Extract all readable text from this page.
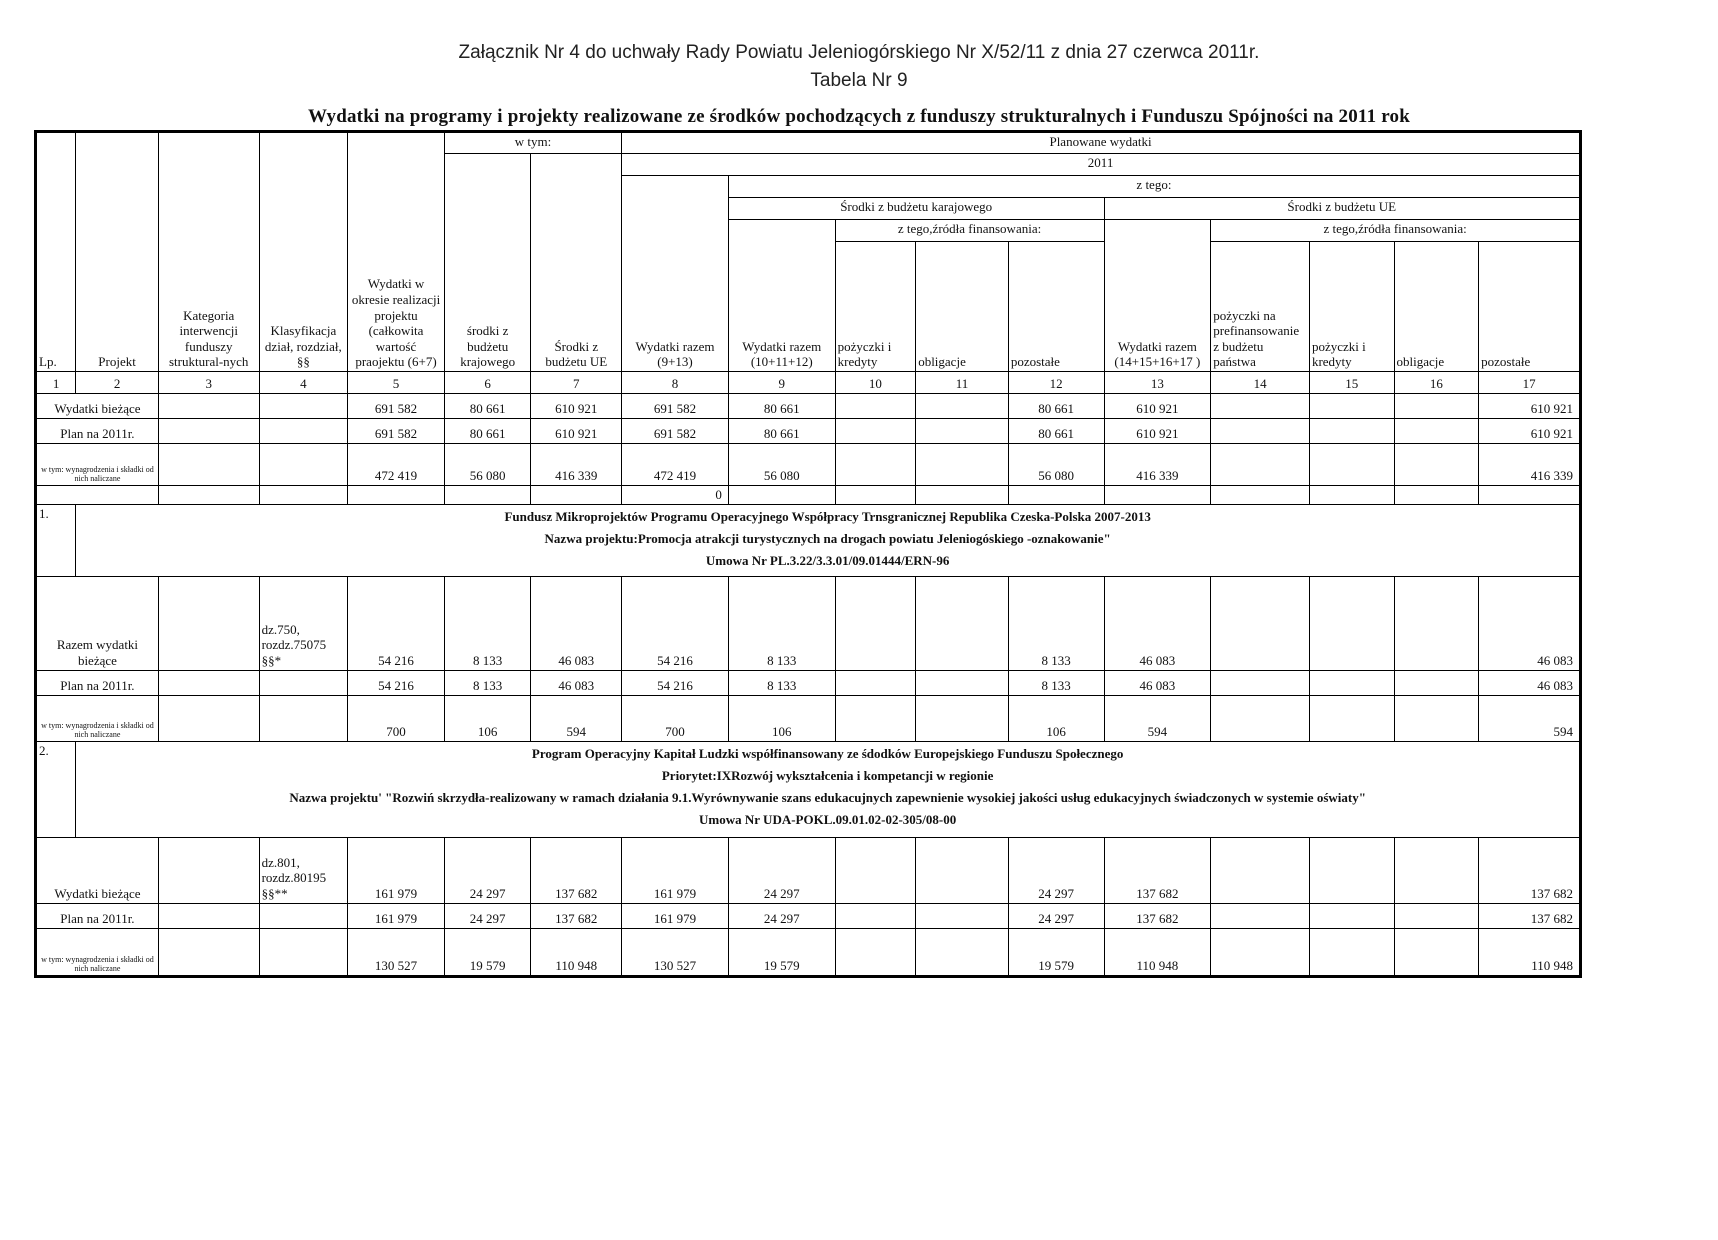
Załącznik Nr 4 do uchwały Rady Powiatu Jeleniogórskiego Nr X/52/11 z dnia 27 czerwca 2011r.
Tabela Nr 9
Wydatki na programy i projekty realizowane ze środków pochodzących z funduszy strukturalnych i Funduszu Spójności na 2011 rok
Lp.	Projekt	Kategoria interwencji funduszy struktural-nych	Klasyfikacja dział, rozdział, §§	Wydatki w okresie realizacji projektu (całkowita wartość praojektu (6+7)	w tym:		Planowane wydatki									
					środki z budżetu krajowego	Środki z budżetu UE	2011									
							Wydatki razem (9+13)	z tego:								
								Środki z budżetu karajowego				Środki z budżetu UE				
								Wydatki razem (10+11+12)	z tego,źródła finansowania:			Wydatki razem (14+15+16+17 )	z tego,źródła finansowania:			
									pożyczki i kredyty	obligacje	pozostałe		pożyczki na prefinansowanie z budżetu państwa	pożyczki i kredyty	obligacje	pozostałe

1	2	3	4	5	6	7	8	9	10	11	12	13	14	15	16	17
Wydatki bieżące				691 582	80 661	610 921	691 582	80 661			80 661	610 921				610 921
Plan na 2011r.				691 582	80 661	610 921	691 582	80 661			80 661	610 921				610 921
w tym: wynagrodzenia i składki od nich naliczane				472 419	56 080	416 339	472 419	56 080			56 080	416 339				416 339
							0									
1.	Fundusz Mikroprojektów Programu Operacyjnego Współpracy Trnsgranicznej Republika Czeska-Polska 2007-2013
Nazwa projektu:Promocja atrakcji turystycznych na drogach powiatu Jeleniogóskiego -oznakowanie"
Umowa Nr PL.3.22/3.3.01/09.01444/ERN-96															

Razem wydatki bieżące			dz.750, rozdz.75075 §§*	54 216	8 133	46 083	54 216	8 133			8 133	46 083				46 083
Plan na 2011r.				54 216	8 133	46 083	54 216	8 133			8 133	46 083				46 083
w tym: wynagrodzenia i składki od nich naliczane				700	106	594	700	106			106	594				594
2.	Program Operacyjny Kapitał Ludzki współfinansowany ze śdodków Europejskiego Funduszu Społecznego
Priorytet:IXRozwój wykształcenia i kompetancji w regionie
Nazwa projektu' "Rozwiń skrzydła-realizowany w ramach działania 9.1.Wyrównywanie szans edukacujnych zapewnienie wysokiej jakości usług edukacyjnych świadczonych w systemie oświaty"
Umowa Nr UDA-POKL.09.01.02-02-305/08-00															

Wydatki bieżące			dz.801, rozdz.80195 §§**	161 979	24 297	137 682	161 979	24 297			24 297	137 682				137 682
Plan na 2011r.				161 979	24 297	137 682	161 979	24 297			24 297	137 682				137 682
w tym: wynagrodzenia i składki od nich naliczane				130 527	19 579	110 948	130 527	19 579			19 579	110 948				110 948
